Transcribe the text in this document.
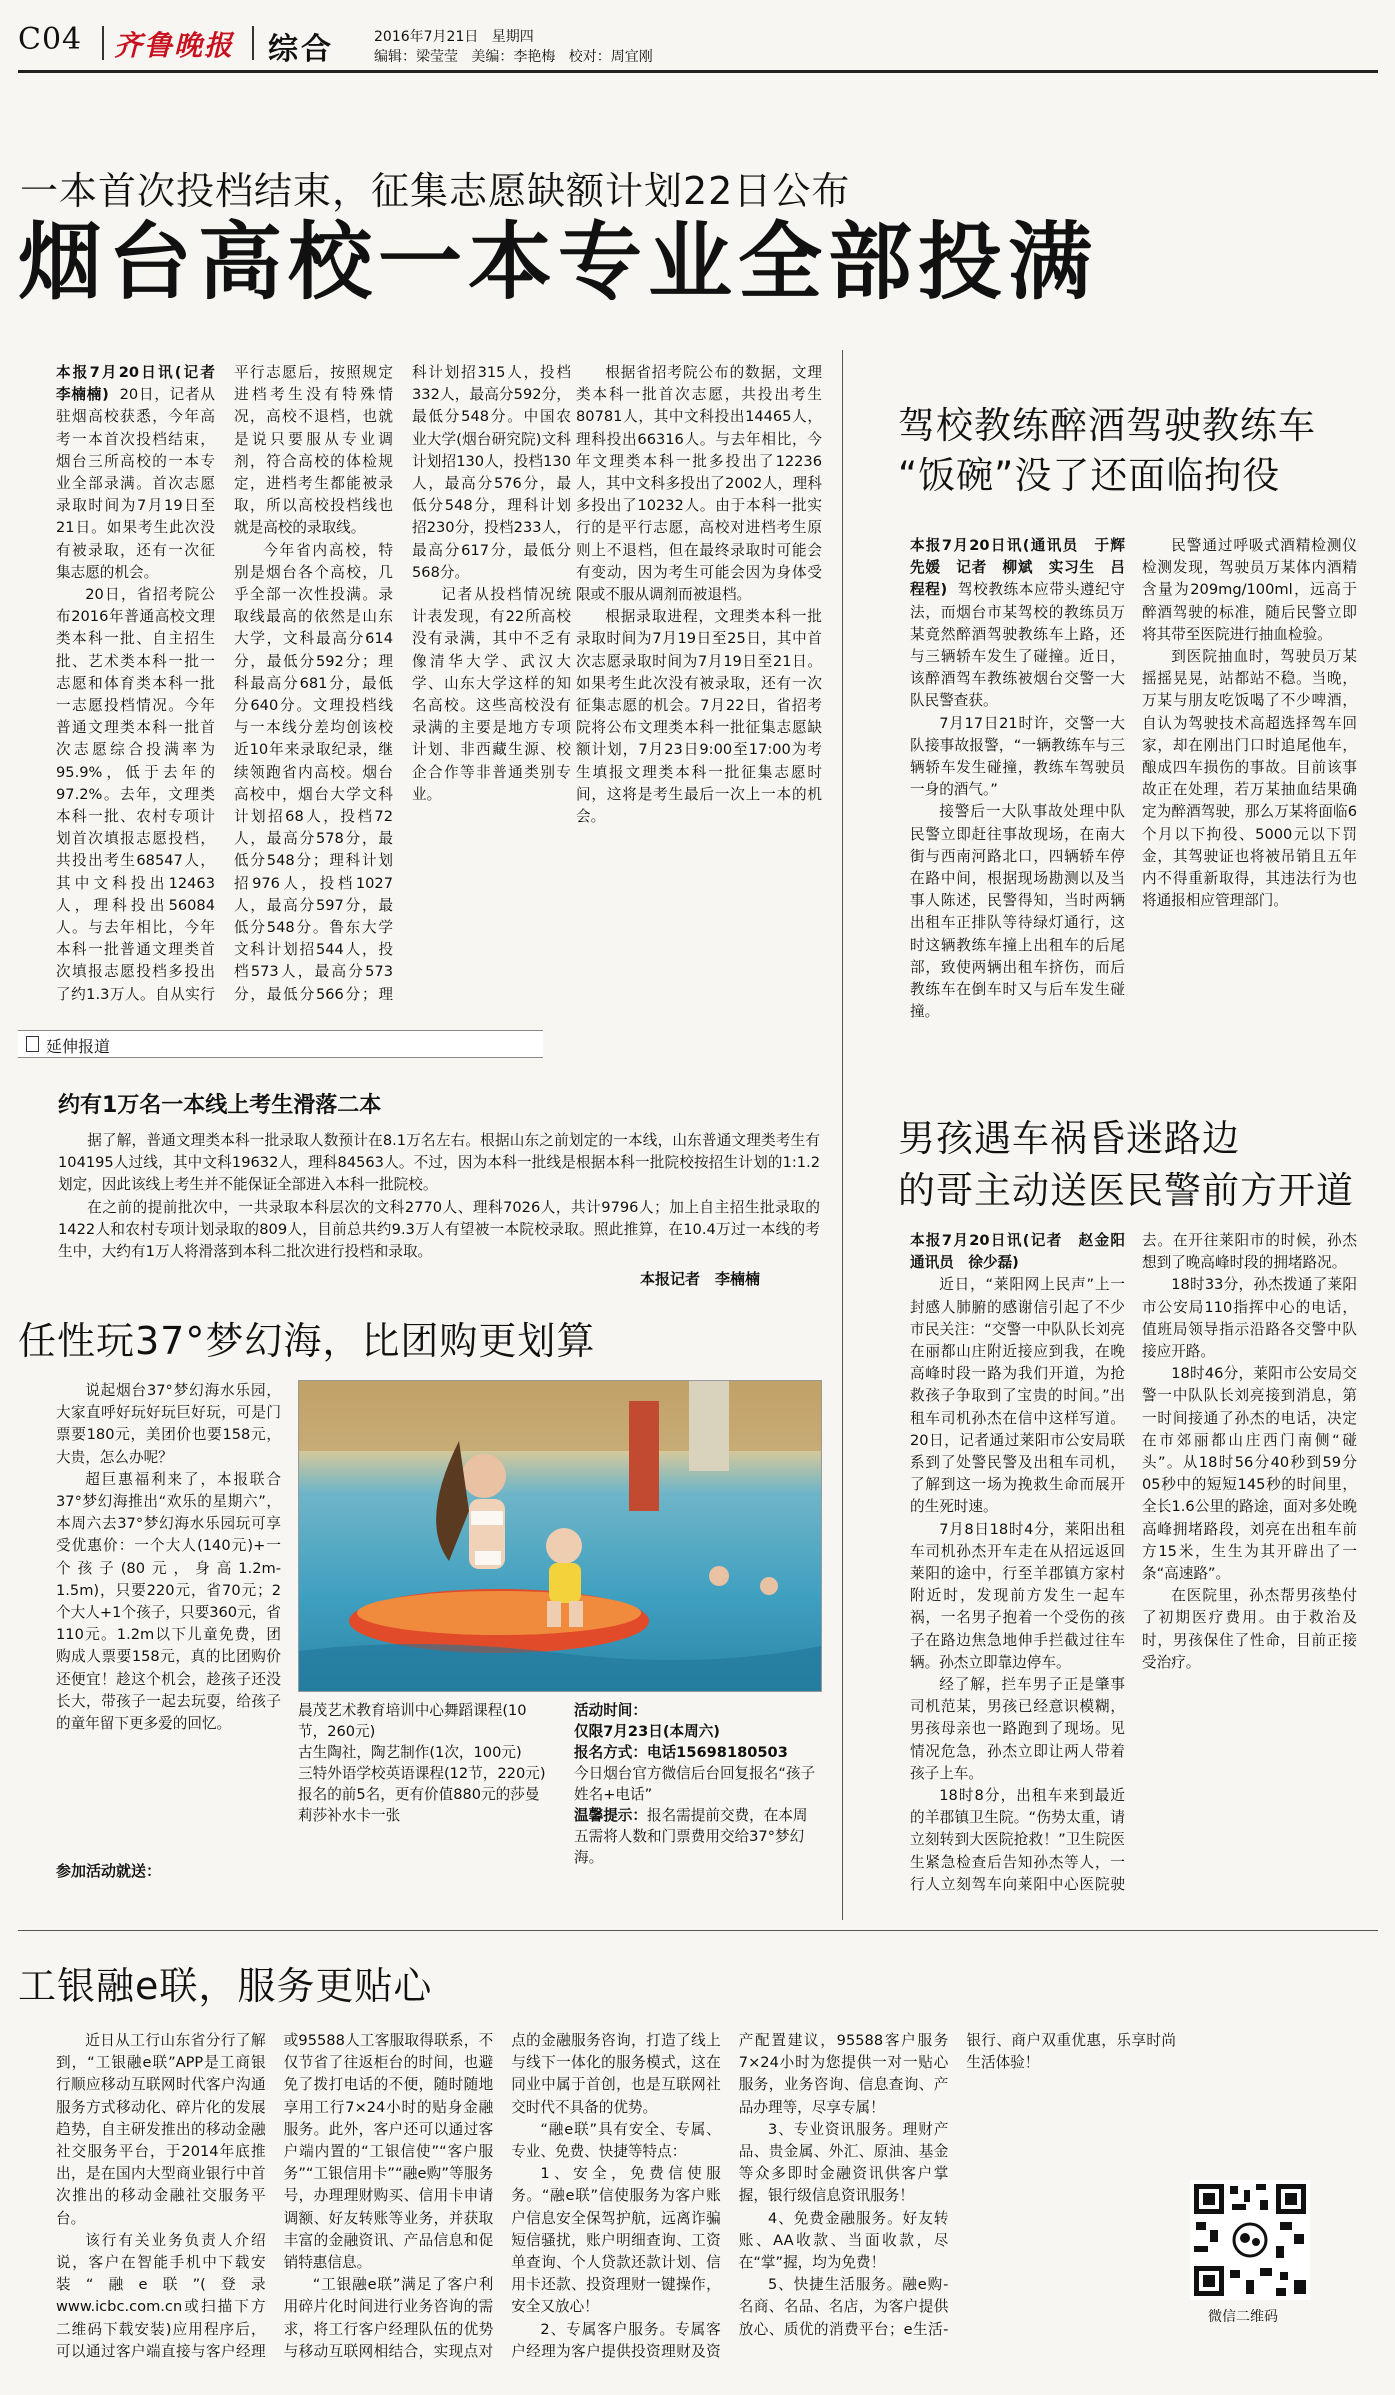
C04 齐鲁晚报 综合	2016年7月21日 星期四
编辑：梁莹莹 美编：李艳梅 校对：周宜刚
一本首次投档结束，征集志愿缺额计划22日公布
烟台高校一本专业全部投满

本报7月20日讯(记者　李楠楠) 20日，记者从驻烟高校获悉，今年高考一本首次投档结束，烟台三所高校的一本专业全部录满。首次志愿录取时间为7月19日至21日。如果考生此次没有被录取，还有一次征集志愿的机会。

20日，省招考院公布2016年普通高校文理类本科一批、自主招生批、艺术类本科一批一志愿和体育类本科一批一志愿投档情况。今年普通文理类本科一批首次志愿综合投满率为95.9%，低于去年的97.2%。去年，文理类本科一批、农村专项计划首次填报志愿投档，共投出考生68547人，其中文科投出12463人，理科投出56084人。与去年相比，今年本科一批普通文理类首次填报志愿投档多投出了约1.3万人。自从实行平行志愿后，按照规定进档考生没有特殊情况，高校不退档，也就是说只要服从专业调剂，符合高校的体检规定，进档考生都能被录取，所以高校投档线也就是高校的录取线。

今年省内高校，特别是烟台各个高校，几乎全部一次性投满。录取线最高的依然是山东大学，文科最高分614分，最低分592分；理科最高分681分，最低分640分。文理投档线与一本线分差均创该校近10年来录取纪录，继续领跑省内高校。烟台高校中，烟台大学文科计划招68人，投档72人，最高分578分，最低分548分；理科计划招976人，投档1027人，最高分597分，最低分548分。鲁东大学文科计划招544人，投档573人，最高分573分，最低分566分；理科计划招315人，投档332人，最高分592分，最低分548分。中国农业大学(烟台研究院)文科计划招130人，投档130人，最高分576分，最低分548分，理科计划招230分，投档233人，最高分617分，最低分568分。

记者从投档情况统计表发现，有22所高校没有录满，其中不乏有像清华大学、武汉大学、山东大学这样的知名高校。这些高校没有录满的主要是地方专项计划、非西藏生源、校企合作等非普通类别专业。

根据省招考院公布的数据，文理类本科一批首次志愿，共投出考生80781人，其中文科投出14465人，理科投出66316人。与去年相比，今年文理类本科一批多投出了12236人，其中文科多投出了2002人，理科多投出了10232人。由于本科一批实行的是平行志愿，高校对进档考生原则上不退档，但在最终录取时可能会有变动，因为考生可能会因为身体受限或不服从调剂而被退档。

根据录取进程，文理类本科一批录取时间为7月19日至25日，其中首次志愿录取时间为7月19日至21日。如果考生此次没有被录取，还有一次征集志愿的机会。7月22日，省招考院将公布文理类本科一批征集志愿缺额计划，7月23日9:00至17:00为考生填报文理类本科一批征集志愿时间，这将是考生最后一次上一本的机会。

延伸报道
约有1万名一本线上考生滑落二本

据了解，普通文理类本科一批录取人数预计在8.1万名左右。根据山东之前划定的一本线，山东普通文理类考生有104195人过线，其中文科19632人，理科84563人。不过，因为本科一批线是根据本科一批院校按招生计划的1:1.2划定，因此该线上考生并不能保证全部进入本科一批院校。

在之前的提前批次中，一共录取本科层次的文科2770人、理科7026人，共计9796人；加上自主招生批录取的1422人和农村专项计划录取的809人，目前总共约9.3万人有望被一本院校录取。照此推算，在10.4万过一本线的考生中，大约有1万人将滑落到本科二批次进行投档和录取。

本报记者　李楠楠
驾校教练醉酒驾驶教练车
“饭碗”没了还面临拘役

本报7月20日讯(通讯员　于辉　先媛　记者　柳斌　实习生　吕程程) 驾校教练本应带头遵纪守法，而烟台市某驾校的教练员万某竟然醉酒驾驶教练车上路，还与三辆轿车发生了碰撞。近日，该醉酒驾车教练被烟台交警一大队民警查获。

7月17日21时许，交警一大队接事故报警，“一辆教练车与三辆轿车发生碰撞，教练车驾驶员一身的酒气。”

接警后一大队事故处理中队民警立即赶往事故现场，在南大街与西南河路北口，四辆轿车停在路中间，根据现场勘测以及当事人陈述，民警得知，当时两辆出租车正排队等待绿灯通行，这时这辆教练车撞上出租车的后尾部，致使两辆出租车挤伤，而后教练车在倒车时又与后车发生碰撞。

民警通过呼吸式酒精检测仪检测发现，驾驶员万某体内酒精含量为209mg/100ml，远高于醉酒驾驶的标准，随后民警立即将其带至医院进行抽血检验。

到医院抽血时，驾驶员万某摇摇晃晃，站都站不稳。当晚，万某与朋友吃饭喝了不少啤酒，自认为驾驶技术高超选择驾车回家，却在刚出门口时追尾他车，酿成四车损伤的事故。目前该事故正在处理，若万某抽血结果确定为醉酒驾驶，那么万某将面临6个月以下拘役、5000元以下罚金，其驾驶证也将被吊销且五年内不得重新取得，其违法行为也将通报相应管理部门。

男孩遇车祸昏迷路边
的哥主动送医民警前方开道

本报7月20日讯(记者　赵金阳　通讯员　徐少磊)

近日，“莱阳网上民声”上一封感人肺腑的感谢信引起了不少市民关注：“交警一中队队长刘亮在丽都山庄附近接应到我，在晚高峰时段一路为我们开道，为抢救孩子争取到了宝贵的时间。”出租车司机孙杰在信中这样写道。20日，记者通过莱阳市公安局联系到了处警民警及出租车司机，了解到这一场为挽救生命而展开的生死时速。

7月8日18时4分，莱阳出租车司机孙杰开车走在从招远返回莱阳的途中，行至羊郡镇方家村附近时，发现前方发生一起车祸，一名男子抱着一个受伤的孩子在路边焦急地伸手拦截过往车辆。孙杰立即靠边停车。

经了解，拦车男子正是肇事司机范某，男孩已经意识模糊，男孩母亲也一路跑到了现场。见情况危急，孙杰立即让两人带着孩子上车。

18时8分，出租车来到最近的羊郡镇卫生院。“伤势太重，请立刻转到大医院抢救！”卫生院医生紧急检查后告知孙杰等人，一行人立刻驾车向莱阳中心医院驶去。在开往莱阳市的时候，孙杰想到了晚高峰时段的拥堵路况。

18时33分，孙杰拨通了莱阳市公安局110指挥中心的电话，值班局领导指示沿路各交警中队接应开路。

18时46分，莱阳市公安局交警一中队队长刘亮接到消息，第一时间接通了孙杰的电话，决定在市郊丽都山庄西门南侧“碰头”。从18时56分40秒到59分05秒中的短短145秒的时间里，全长1.6公里的路途，面对多处晚高峰拥堵路段，刘亮在出租车前方15米，生生为其开辟出了一条“高速路”。

在医院里，孙杰帮男孩垫付了初期医疗费用。由于救治及时，男孩保住了性命，目前正接受治疗。

任性玩37°梦幻海，比团购更划算

说起烟台37°梦幻海水乐园，大家直呼好玩好玩巨好玩，可是门票要180元，美团价也要158元，大贵，怎么办呢？

超巨惠福利来了，本报联合37°梦幻海推出“欢乐的星期六”，本周六去37°梦幻海水乐园玩可享受优惠价：一个大人(140元)+一个孩子(80元，身高1.2m-1.5m)，只要220元，省70元；2个大人+1个孩子，只要360元，省110元。1.2m以下儿童免费，团购成人票要158元，真的比团购价还便宜！趁这个机会，趁孩子还没长大，带孩子一起去玩耍，给孩子的童年留下更多爱的回忆。

参加活动就送：
晨茂艺术教育培训中心舞蹈课程(10节，260元)
古生陶社，陶艺制作(1次，100元)
三特外语学校英语课程(12节，220元)
报名的前5名，更有价值880元的莎曼莉莎补水卡一张
活动时间：
仅限7月23日(本周六)
报名方式：电话15698180503
今日烟台官方微信后台回复报名“孩子姓名+电话”
温馨提示：报名需提前交费，在本周五需将人数和门票费用交给37°梦幻海。
工银融e联，服务更贴心

近日从工行山东省分行了解到，“工银融e联”APP是工商银行顺应移动互联网时代客户沟通服务方式移动化、碎片化的发展趋势，自主研发推出的移动金融社交服务平台，于2014年底推出，是在国内大型商业银行中首次推出的移动金融社交服务平台。

该行有关业务负责人介绍说，客户在智能手机中下载安装“融e联”(登录www.icbc.com.cn或扫描下方二维码下载安装)应用程序后，可以通过客户端直接与客户经理或95588人工客服取得联系，不仅节省了往返柜台的时间，也避免了拨打电话的不便，随时随地享用工行7×24小时的贴身金融服务。此外，客户还可以通过客户端内置的“工银信使”“客户服务”“工银信用卡”“融e购”等服务号，办理理财购买、信用卡申请调额、好友转账等业务，并获取丰富的金融资讯、产品信息和促销特惠信息。

“工银融e联”满足了客户利用碎片化时间进行业务咨询的需求，将工行客户经理队伍的优势与移动互联网相结合，实现点对点的金融服务咨询，打造了线上与线下一体化的服务模式，这在同业中属于首创，也是互联网社交时代不具备的优势。

“融e联”具有安全、专属、专业、免费、快捷等特点：

1、安全，免费信使服务。“融e联”信使服务为客户账户信息安全保驾护航，远离诈骗短信骚扰，账户明细查询、工资单查询、个人贷款还款计划、信用卡还款、投资理财一键操作，安全又放心！

2、专属客户服务。专属客户经理为客户提供投资理财及资产配置建议，95588客户服务7×24小时为您提供一对一贴心服务，业务咨询、信息查询、产品办理等，尽享专属！

3、专业资讯服务。理财产品、贵金属、外汇、原油、基金等众多即时金融资讯供客户掌握，银行级信息资讯服务！

4、免费金融服务。好友转账、AA收款、当面收款，尽在“掌”握，均为免费！

5、快捷生活服务。融e购-名商、名品、名店，为客户提供放心、质优的消费平台；e生活-银行、商户双重优惠，乐享时尚生活体验！

微信二维码
